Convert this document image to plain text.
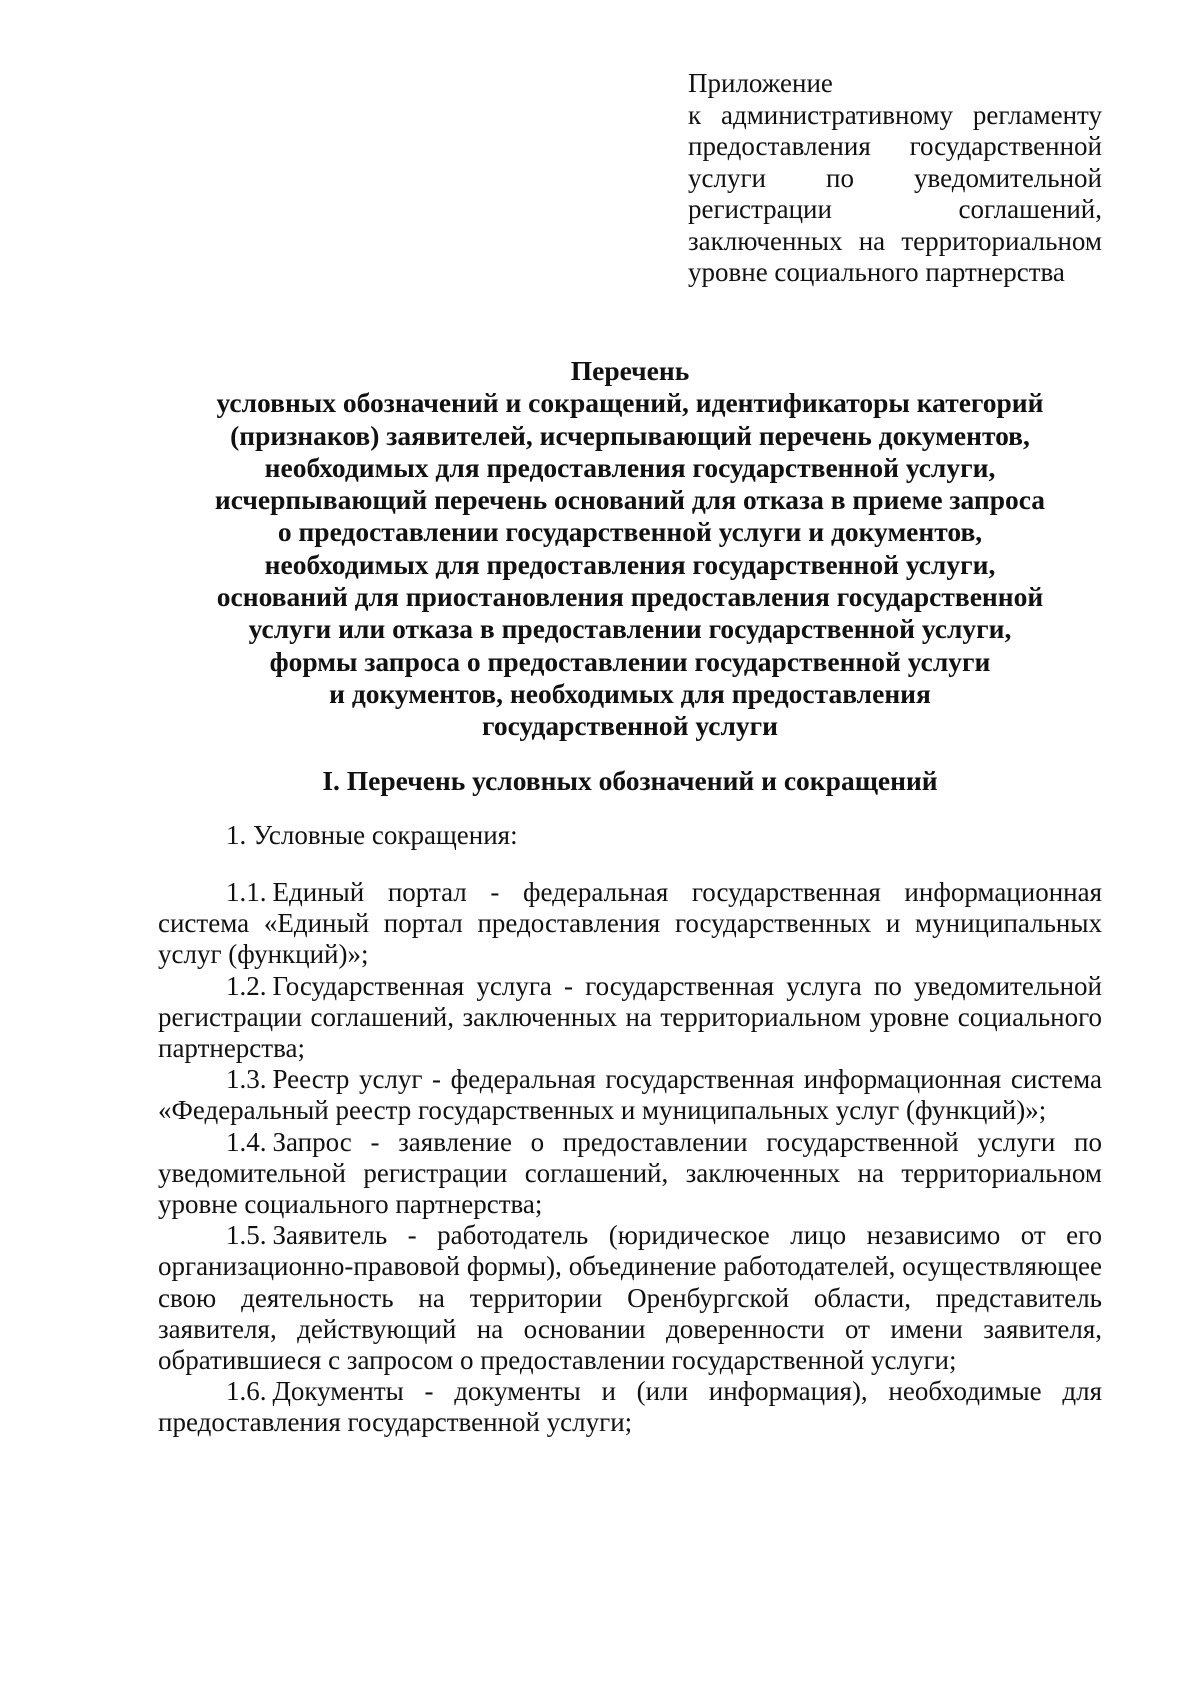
Приложение
к административному регламенту предоставления государственной услуги по уведомительной регистрации соглашений, заключенных на территориальном уровне социального партнерства
Перечень
условных обозначений и сокращений, идентификаторы категорий
(признаков) заявителей, исчерпывающий перечень документов,
необходимых для предоставления государственной услуги,
исчерпывающий перечень оснований для отказа в приеме запроса
о предоставлении государственной услуги и документов,
необходимых для предоставления государственной услуги,
оснований для приостановления предоставления государственной
услуги или отказа в предоставлении государственной услуги,
формы запроса о предоставлении государственной услуги
и документов, необходимых для предоставления
государственной услуги
I. Перечень условных обозначений и сокращений
1. Условные сокращения:

1.1. Единый портал - федеральная государственная информационная система «Единый портал предоставления государственных и муниципальных услуг (функций)»;

1.2. Государственная услуга - государственная услуга по уведомительной регистрации соглашений, заключенных на территориальном уровне социального партнерства;

1.3. Реестр услуг - федеральная государственная информационная система «Федеральный реестр государственных и муниципальных услуг (функций)»;

1.4. Запрос - заявление о предоставлении государственной услуги по уведомительной регистрации соглашений, заключенных на территориальном уровне социального партнерства;

1.5. Заявитель - работодатель (юридическое лицо независимо от его организационно-правовой формы), объединение работодателей, осуществляющее свою деятельность на территории Оренбургской области, представитель заявителя, действующий на основании доверенности от имени заявителя, обратившиеся с запросом о предоставлении государственной услуги;

1.6. Документы - документы и (или информация), необходимые для предоставления государственной услуги;
